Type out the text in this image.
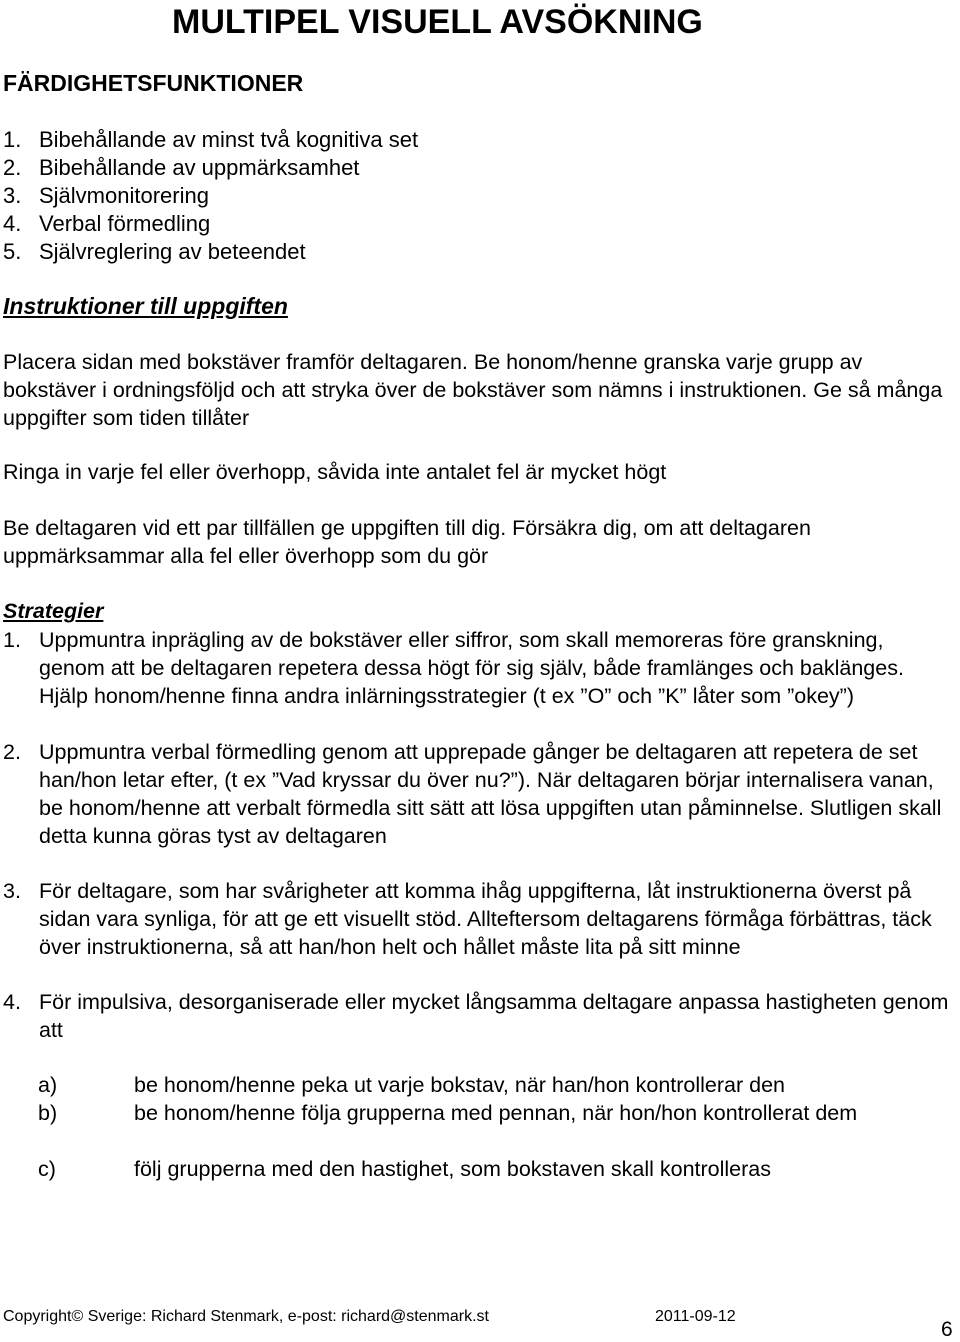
MULTIPEL VISUELL AVSÖKNING
FÄRDIGHETSFUNKTIONER
1. Bibehållande av minst två kognitiva set
2. Bibehållande av uppmärksamhet
3. Självmonitorering
4. Verbal förmedling
5. Självreglering av beteendet
Instruktioner till uppgiften
Placera sidan med bokstäver framför deltagaren. Be honom/henne granska varje grupp av bokstäver i ordningsföljd och att stryka över de bokstäver som nämns i instruktionen. Ge så många uppgifter som tiden tillåter
Ringa in varje fel eller överhopp, såvida inte antalet fel är mycket högt
Be deltagaren vid ett par tillfällen ge uppgiften till dig. Försäkra dig, om att deltagaren uppmärksammar alla fel eller överhopp som du gör
Strategier
1. Uppmuntra inprägling av de bokstäver eller siffror, som skall memoreras före granskning, genom att be deltagaren repetera dessa högt för sig själv, både framlänges och baklänges. Hjälp honom/henne finna andra inlärningsstrategier (t ex ”O” och ”K” låter som ”okey”)
2. Uppmuntra verbal förmedling genom att upprepade gånger be deltagaren att repetera de set han/hon letar efter, (t ex ”Vad kryssar du över nu?”). När deltagaren börjar internalisera vanan, be honom/henne att verbalt förmedla sitt sätt att lösa uppgiften utan påminnelse. Slutligen skall detta kunna göras tyst av deltagaren
3. För deltagare, som har svårigheter att komma ihåg uppgifterna, låt instruktionerna överst på sidan vara synliga, för att ge ett visuellt stöd. Allteftersom deltagarens förmåga förbättras, täck över instruktionerna, så att han/hon helt och hållet måste lita på sitt minne
4. För impulsiva, desorganiserade eller mycket långsamma deltagare anpassa hastigheten genom att
a)	be honom/henne peka ut varje bokstav, när han/hon kontrollerar den
b)	be honom/henne följa grupperna med pennan, när hon/hon kontrollerat dem
c)	följ grupperna med den hastighet, som bokstaven skall kontrolleras
Copyright© Sverige: Richard Stenmark, e-post: richard@stenmark.st	2011-09-12
6
